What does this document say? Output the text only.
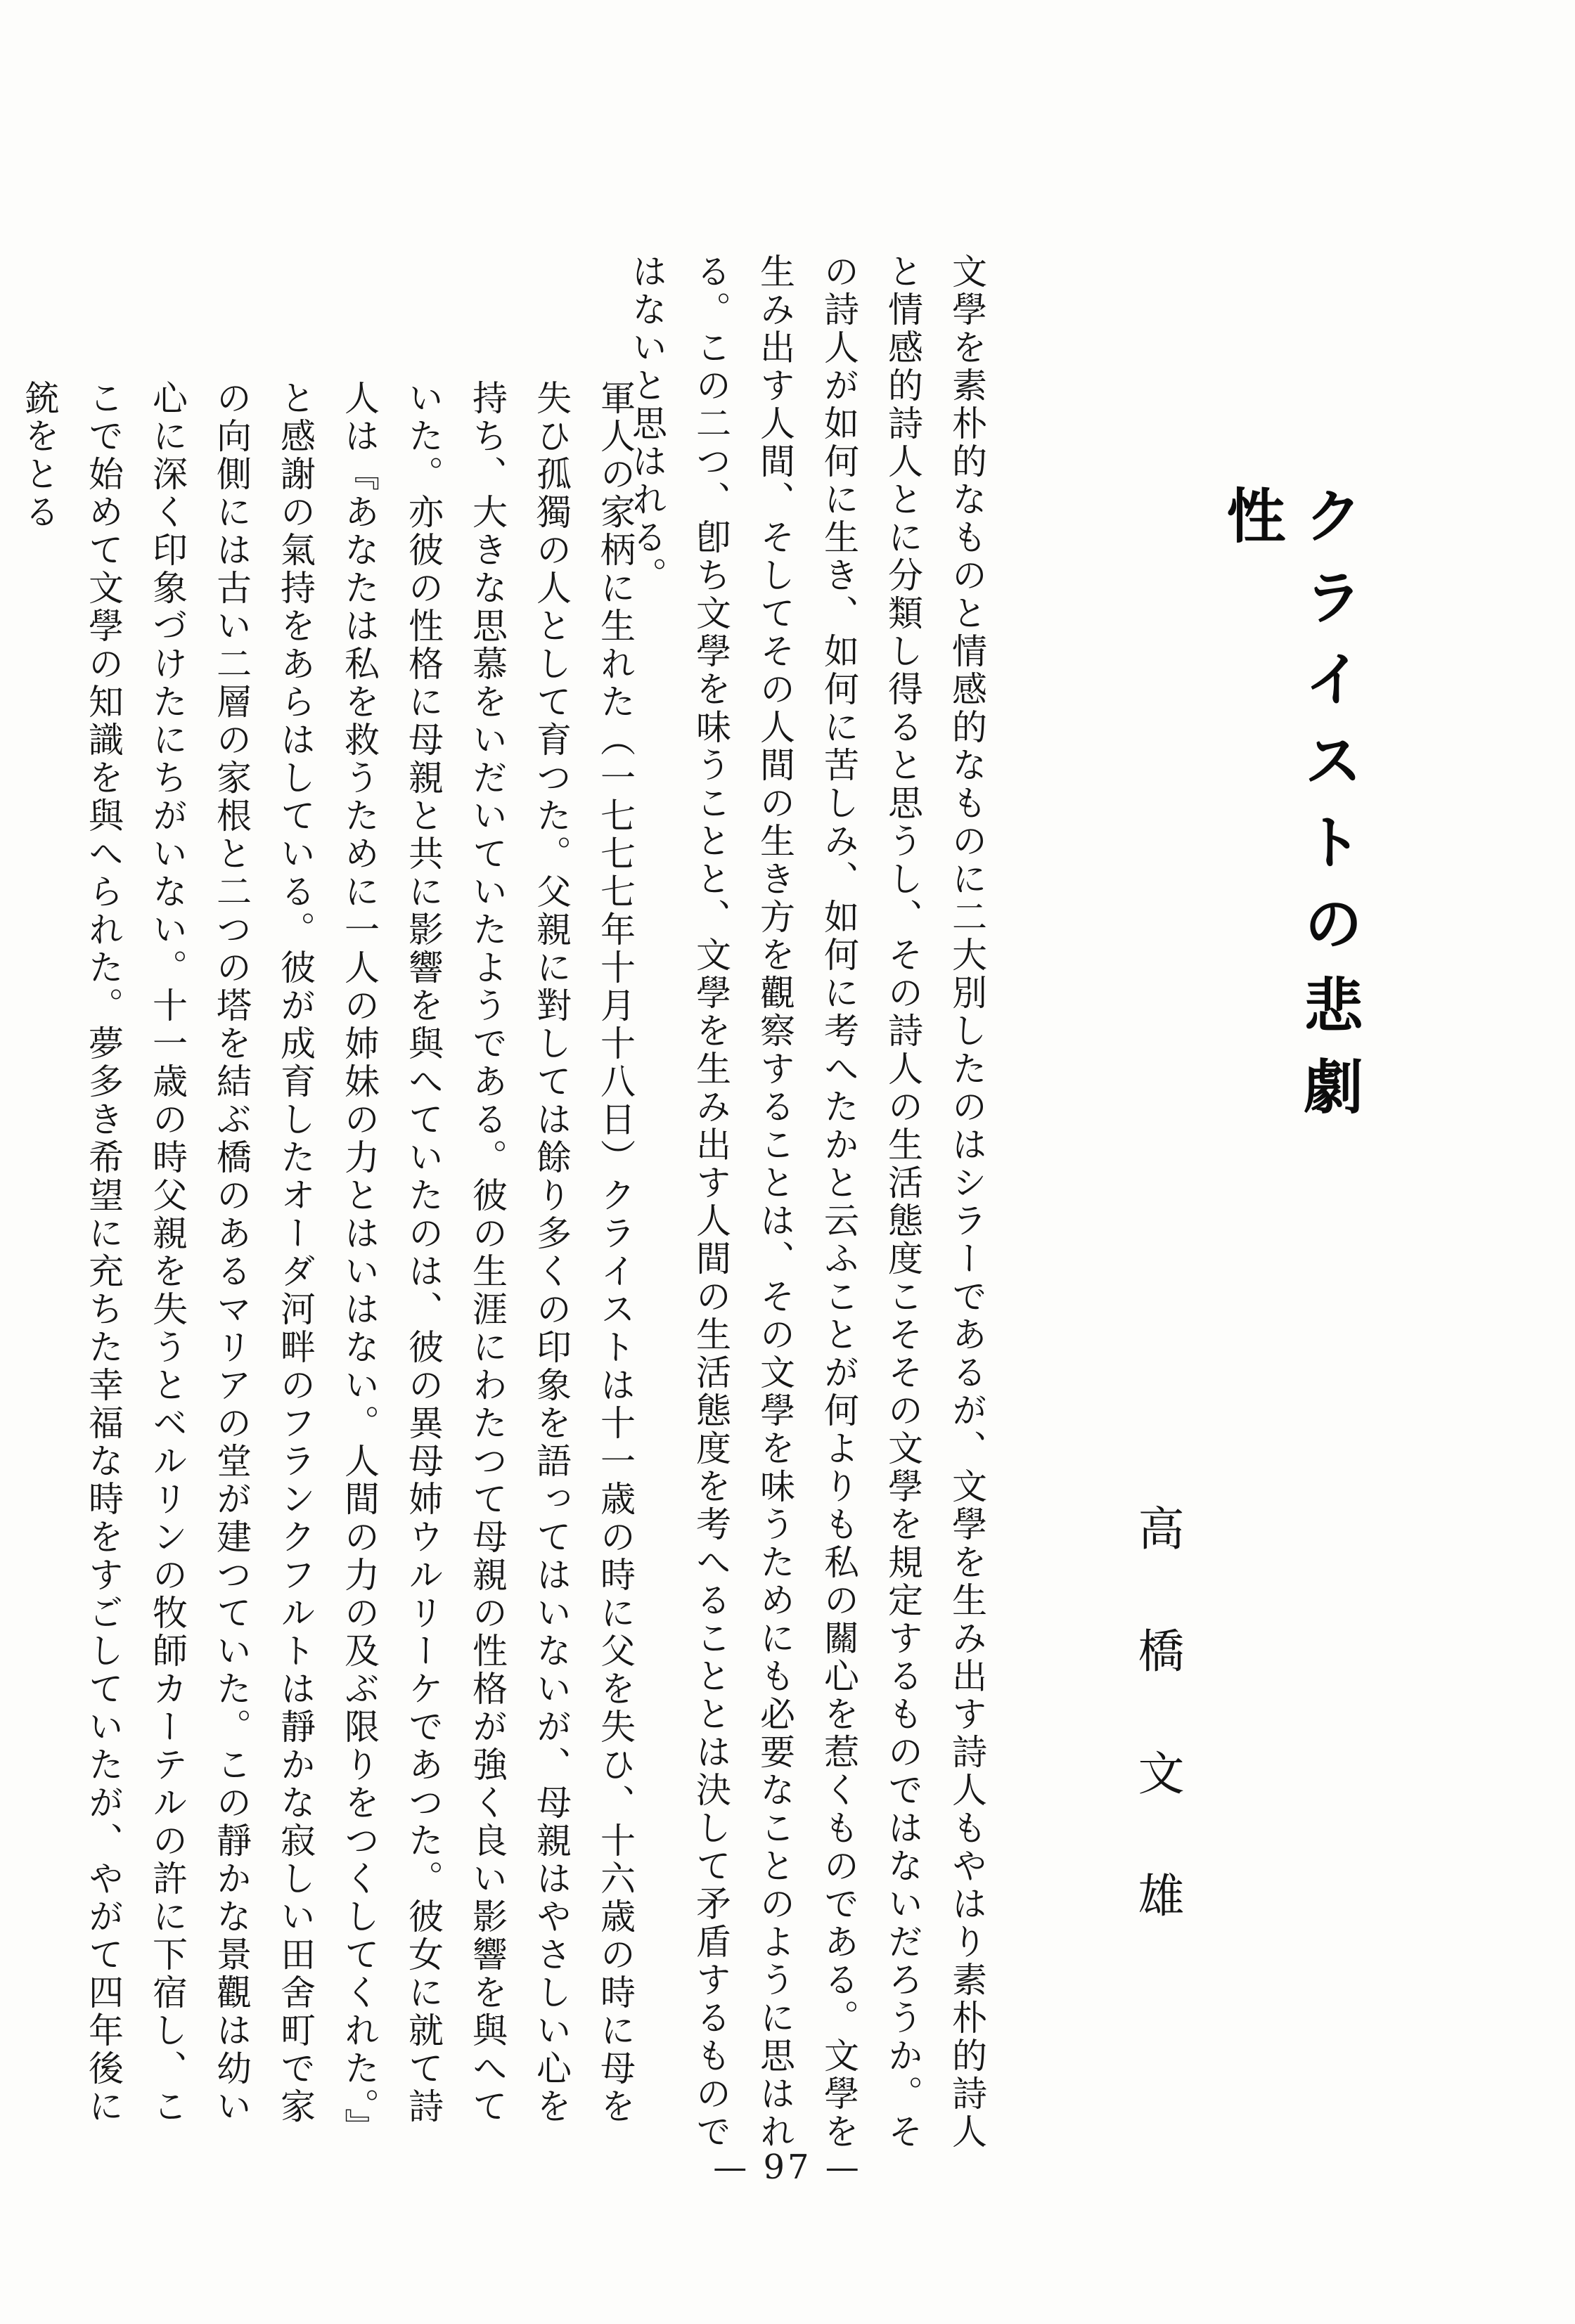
クライストの悲劇性
高橋文雄
文學を素朴的なものと情感的なものに二大別したのはシラーであるが、文學を生み出す詩人もやはり素朴的詩人と情感的詩人とに分類し得ると思うし、その詩人の生活態度こそその文學を規定するものではないだろうか。その詩人が如何に生き、如何に苦しみ、如何に考へたかと云ふことが何よりも私の關心を惹くものである。文學を生み出す人間、そしてその人間の生き方を觀察することは、その文學を味うためにも必要なことのように思はれる。この二つ、卽ち文學を味うことと、文學を生み出す人間の生活態度を考へることとは決して矛盾するものではないと思はれる。
軍人の家柄に生れた（一七七七年十月十八日）クライストは十一歳の時に父を失ひ、十六歳の時に母を失ひ孤獨の人として育つた。父親に對しては餘り多くの印象を語ってはいないが、母親はやさしい心を持ち、大きな思慕をいだいていたようである。彼の生涯にわたつて母親の性格が強く良い影響を與へていた。亦彼の性格に母親と共に影響を與へていたのは、彼の異母姉ウルリーケであつた。彼女に就て詩人は『あなたは私を救うために一人の姉妹の力とはいはない。人間の力の及ぶ限りをつくしてくれた。』と感謝の氣持をあらはしている。彼が成育したオーダ河畔のフランクフルトは靜かな寂しい田舍町で家の向側には古い二層の家根と二つの塔を結ぶ橋のあるマリアの堂が建つていた。この靜かな景觀は幼い心に深く印象づけたにちがいない。十一歳の時父親を失うとベルリンの牧師カーテルの許に下宿し、ここで始めて文學の知識を與へられた。夢多き希望に充ちた幸福な時をすごしていたが、やがて四年後に銃をとる
— 97 —
